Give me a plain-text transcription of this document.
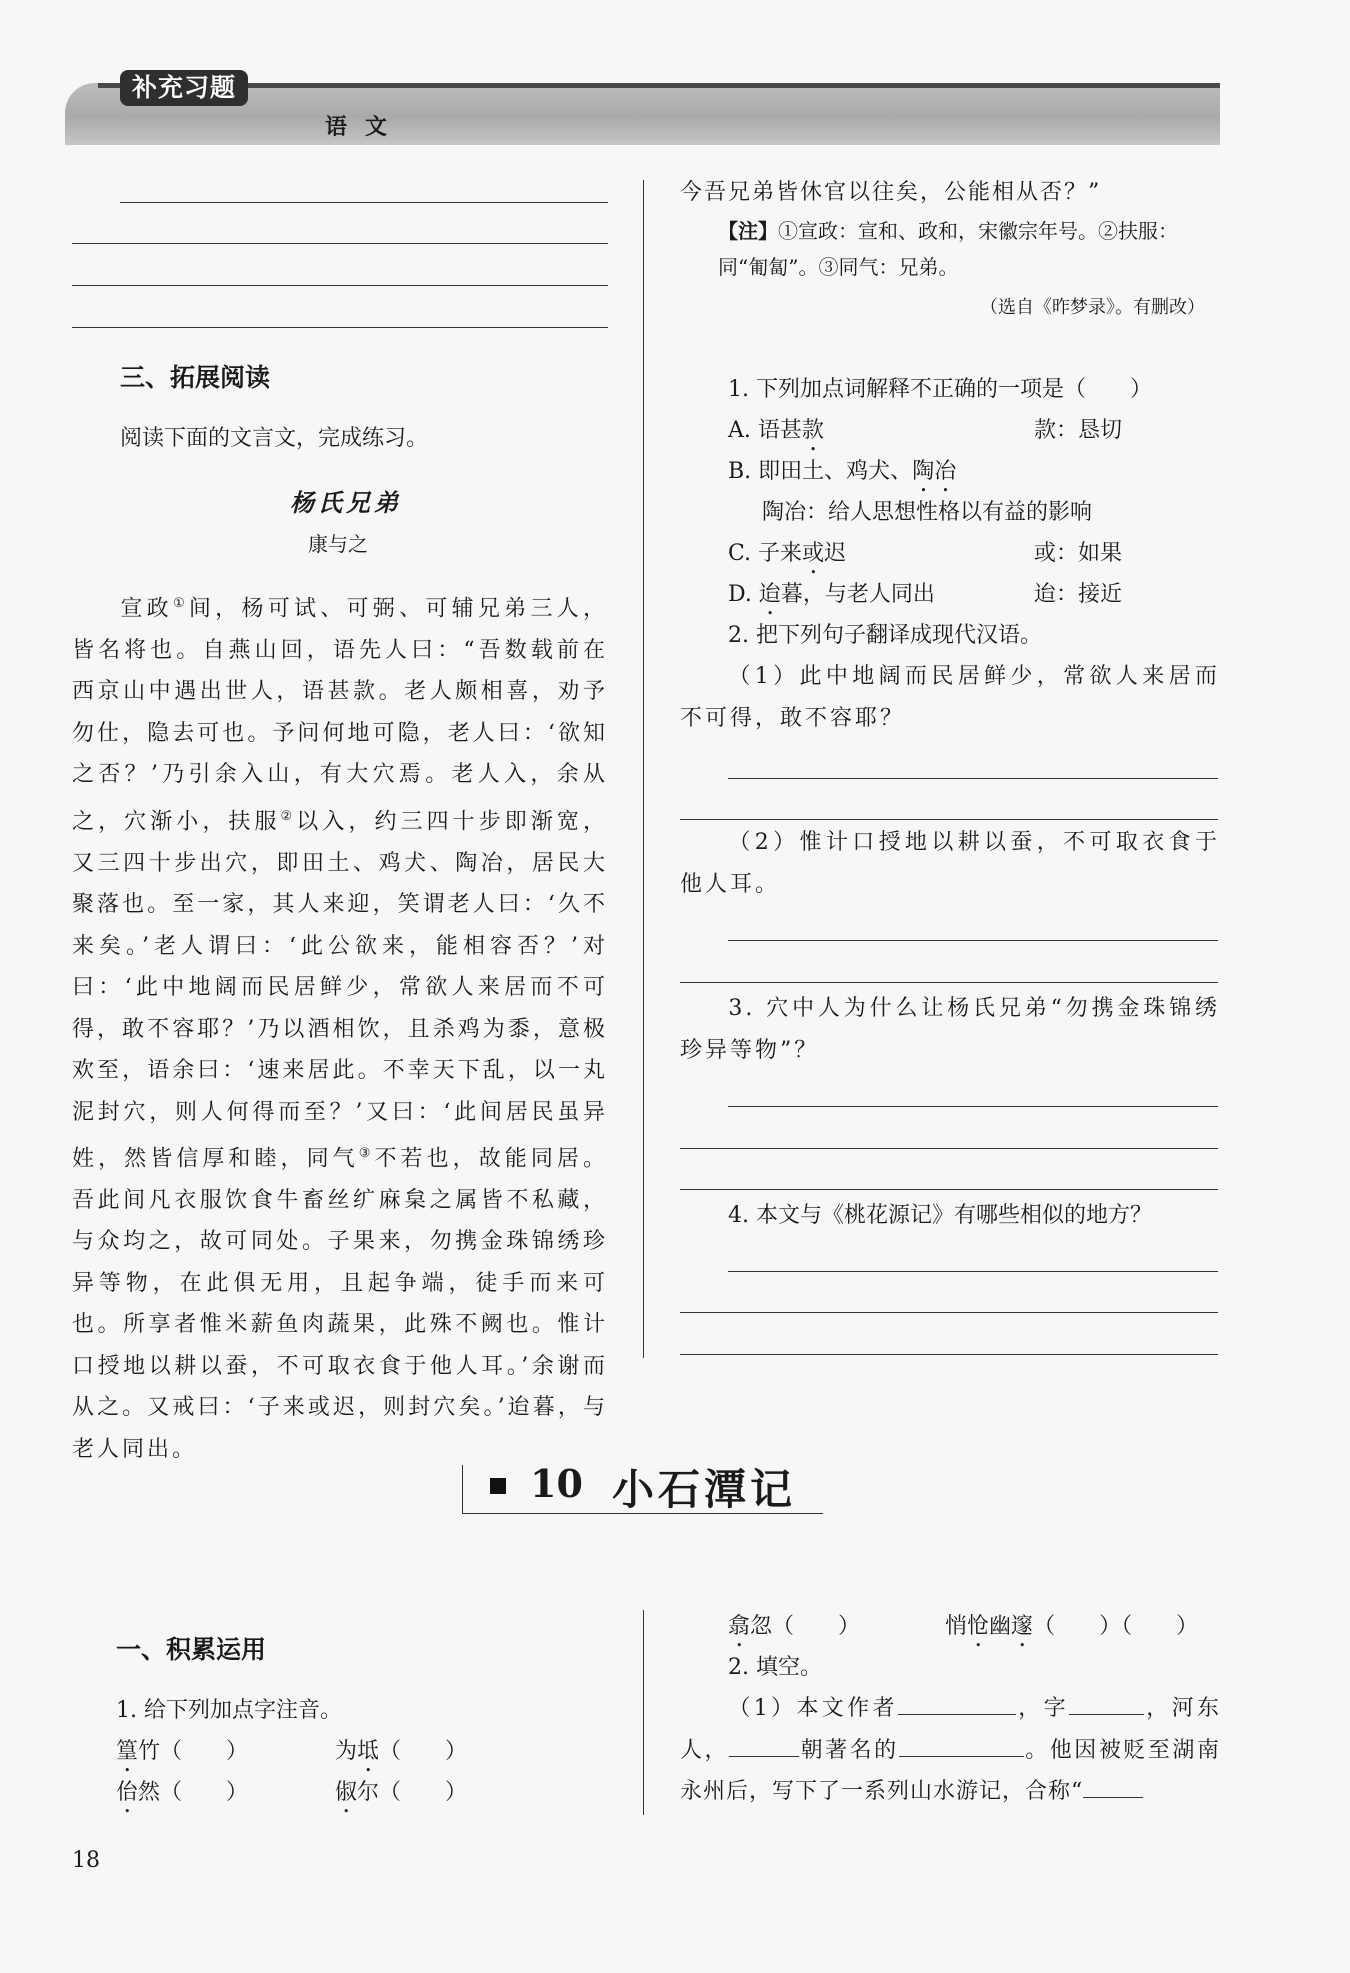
补充习题
语文
三、拓展阅读
阅读下面的文言文，完成练习。
杨氏兄弟
康与之
宣政①间，杨可试、可弼、可辅兄弟三人，皆名将也。自燕山回，语先人曰：“吾数载前在西京山中遇出世人，语甚款。老人颇相喜，劝予勿仕，隐去可也。予问何地可隐，老人曰：‘欲知之否？’乃引余入山，有大穴焉。老人入，余从之，穴渐小，扶服②以入，约三四十步即渐宽，又三四十步出穴，即田土、鸡犬、陶冶，居民大聚落也。至一家，其人来迎，笑谓老人曰：‘久不来矣。’老人谓曰：‘此公欲来，能相容否？’对曰：‘此中地阔而民居鲜少，常欲人来居而不可得，敢不容耶？’乃以酒相饮，且杀鸡为黍，意极欢至，语余曰：‘速来居此。不幸天下乱，以一丸泥封穴，则人何得而至？’又曰：‘此间居民虽异姓，然皆信厚和睦，同气③不若也，故能同居。吾此间凡衣服饮食牛畜丝纩麻枲之属皆不私藏，与众均之，故可同处。子果来，勿携金珠锦绣珍异等物，在此俱无用，且起争端，徒手而来可也。所享者惟米薪鱼肉蔬果，此殊不阙也。惟计口授地以耕以蚕，不可取衣食于他人耳。’余谢而从之。又戒曰：‘子来或迟，则封穴矣。’迨暮，与老人同出。
今吾兄弟皆休官以往矣，公能相从否？”
【注】①宣政：宣和、政和，宋徽宗年号。②扶服：同“匍匐”。③同气：兄弟。
（选自《昨梦录》。有删改）
1. 下列加点词解释不正确的一项是（　　）
A. 语甚款	款：恳切
B. 即田土、鸡犬、陶冶
陶冶：给人思想性格以有益的影响
C. 子来或迟	或：如果
D. 迨暮，与老人同出	迨：接近
2. 把下列句子翻译成现代汉语。
（1）此中地阔而民居鲜少，常欲人来居而不可得，敢不容耶？
（2）惟计口授地以耕以蚕，不可取衣食于他人耳。
3. 穴中人为什么让杨氏兄弟“勿携金珠锦绣珍异等物”？
4. 本文与《桃花源记》有哪些相似的地方？
10 小石潭记
一、积累运用
1. 给下列加点字注音。
篁竹（　　）	为坻（　　）
佁然（　　）	俶尔（　　）
翕忽（　　）	悄怆幽邃（　　）（　　）
2. 填空。
（1）本文作者	，字	，河东人，	朝著名的	。他因被贬至湖南永州后，写下了一系列山水游记，合称“
18
